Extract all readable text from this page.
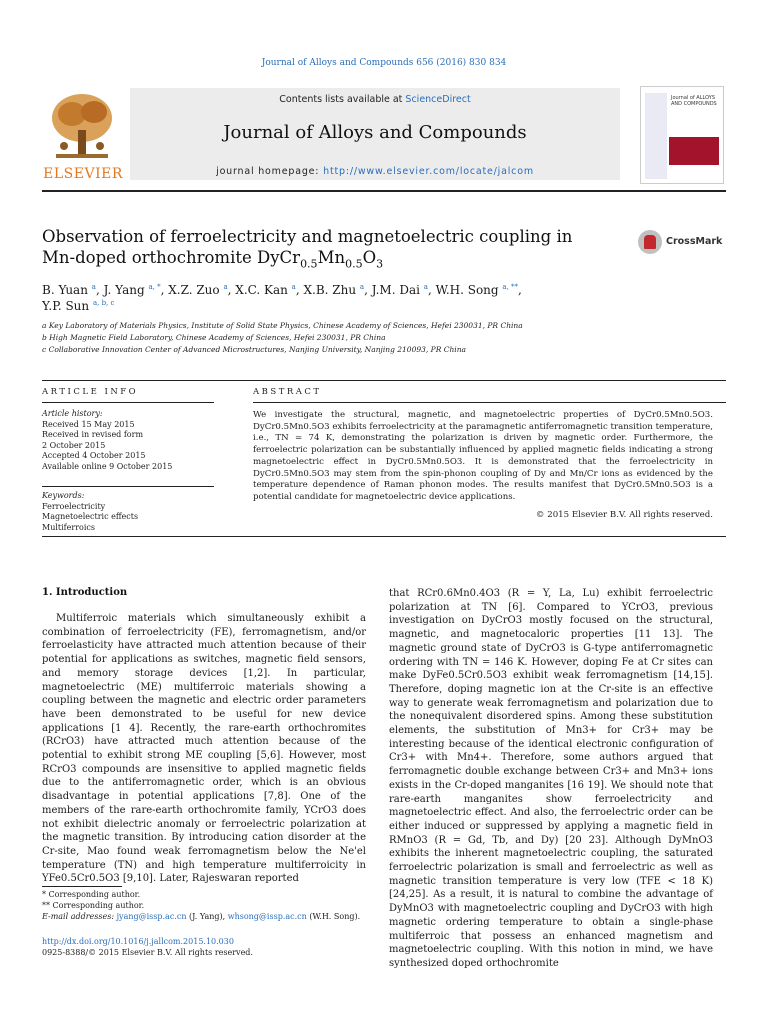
Journal of Alloys and Compounds 656 (2016) 830 834
ELSEVIER
Contents lists available at ScienceDirect
Journal of Alloys and Compounds
journal homepage: http://www.elsevier.com/locate/jalcom
Journal of ALLOYS AND COMPOUNDS
Observation of ferroelectricity and magnetoelectric coupling in
Mn-doped orthochromite $DyCr_{0.5}Mn_{0.5}O_3$
CrossMark
B. Yuan $^a$, J. Yang $^{a, *}$, X.Z. Zuo $^a$, X.C. Kan $^a$, X.B. Zhu $^a$, J.M. Dai $^a$, W.H. Song $^{a, **}$,
Y.P. Sun $^{a, b, c}$
a Key Laboratory of Materials Physics, Institute of Solid State Physics, Chinese Academy of Sciences, Hefei 230031, PR China
b High Magnetic Field Laboratory, Chinese Academy of Sciences, Hefei 230031, PR China
c Collaborative Innovation Center of Advanced Microstructures, Nanjing University, Nanjing 210093, PR China
ARTICLE INFO	ABSTRACT
Article history:
Received 15 May 2015
Received in revised form
2 October 2015
Accepted 4 October 2015
Available online 9 October 2015
Keywords:
Ferroelectricity
Magnetoelectric effects
Multiferroics
We investigate the structural, magnetic, and magnetoelectric properties of DyCr0.5Mn0.5O3. DyCr0.5Mn0.5O3 exhibits ferroelectricity at the paramagnetic antiferromagnetic transition temperature, i.e., TN = 74 K, demonstrating the polarization is driven by magnetic order. Furthermore, the ferroelectric polarization can be substantially influenced by applied magnetic fields indicating a strong magnetoelectric effect in DyCr0.5Mn0.5O3. It is demonstrated that the ferroelectricity in DyCr0.5Mn0.5O3 may stem from the spin-phonon coupling of Dy and Mn/Cr ions as evidenced by the temperature dependence of Raman phonon modes. The results manifest that DyCr0.5Mn0.5O3 is a potential candidate for magnetoelectric device applications.
© 2015 Elsevier B.V. All rights reserved.
1. Introduction
Multiferroic materials which simultaneously exhibit a combination of ferroelectricity (FE), ferromagnetism, and/or ferroelasticity have attracted much attention because of their potential for applications as switches, magnetic field sensors, and memory storage devices [1,2]. In particular, magnetoelectric (ME) multiferroic materials showing a coupling between the magnetic and electric order parameters have been demonstrated to be useful for new device applications [1 4]. Recently, the rare-earth orthochromites (RCrO3) have attracted much attention because of the potential to exhibit strong ME coupling [5,6]. However, most RCrO3 compounds are insensitive to applied magnetic fields due to the antiferromagnetic order, which is an obvious disadvantage in potential applications [7,8]. One of the members of the rare-earth orthochromite family, YCrO3 does not exhibit dielectric anomaly or ferroelectric polarization at the magnetic transition. By introducing cation disorder at the Cr-site, Mao found weak ferromagnetism below the Ne'el temperature (TN) and high temperature multiferroicity in YFe0.5Cr0.5O3 [9,10]. Later, Rajeswaran reported
that RCr0.6Mn0.4O3 (R = Y, La, Lu) exhibit ferroelectric polarization at TN [6]. Compared to YCrO3, previous investigation on DyCrO3 mostly focused on the structural, magnetic, and magnetocaloric properties [11 13]. The magnetic ground state of DyCrO3 is G-type antiferromagnetic ordering with TN = 146 K. However, doping Fe at Cr sites can make DyFe0.5Cr0.5O3 exhibit weak ferromagnetism [14,15]. Therefore, doping magnetic ion at the Cr-site is an effective way to generate weak ferromagnetism and polarization due to the nonequivalent disordered spins. Among these substitution elements, the substitution of Mn3+ for Cr3+ may be interesting because of the identical electronic configuration of Cr3+ with Mn4+. Therefore, some authors argued that ferromagnetic double exchange between Cr3+ and Mn3+ ions exists in the Cr-doped manganites [16 19]. We should note that rare-earth manganites show ferroelectricity and magnetoelectric effect. And also, the ferroelectric order can be either induced or suppressed by applying a magnetic field in RMnO3 (R = Gd, Tb, and Dy) [20 23]. Although DyMnO3 exhibits the inherent magnetoelectric coupling, the saturated ferroelectric polarization is small and ferroelectric as well as magnetic transition temperature is very low (TFE < 18 K) [24,25]. As a result, it is natural to combine the advantage of DyMnO3 with magnetoelectric coupling and DyCrO3 with high magnetic ordering temperature to obtain a single-phase multiferroic that possess an enhanced magnetism and magnetoelectric coupling. With this notion in mind, we have synthesized doped orthochromite
* Corresponding author.
** Corresponding author.
E-mail addresses: jyang@issp.ac.cn (J. Yang), whsong@issp.ac.cn (W.H. Song).
http://dx.doi.org/10.1016/j.jallcom.2015.10.030
0925-8388/© 2015 Elsevier B.V. All rights reserved.
